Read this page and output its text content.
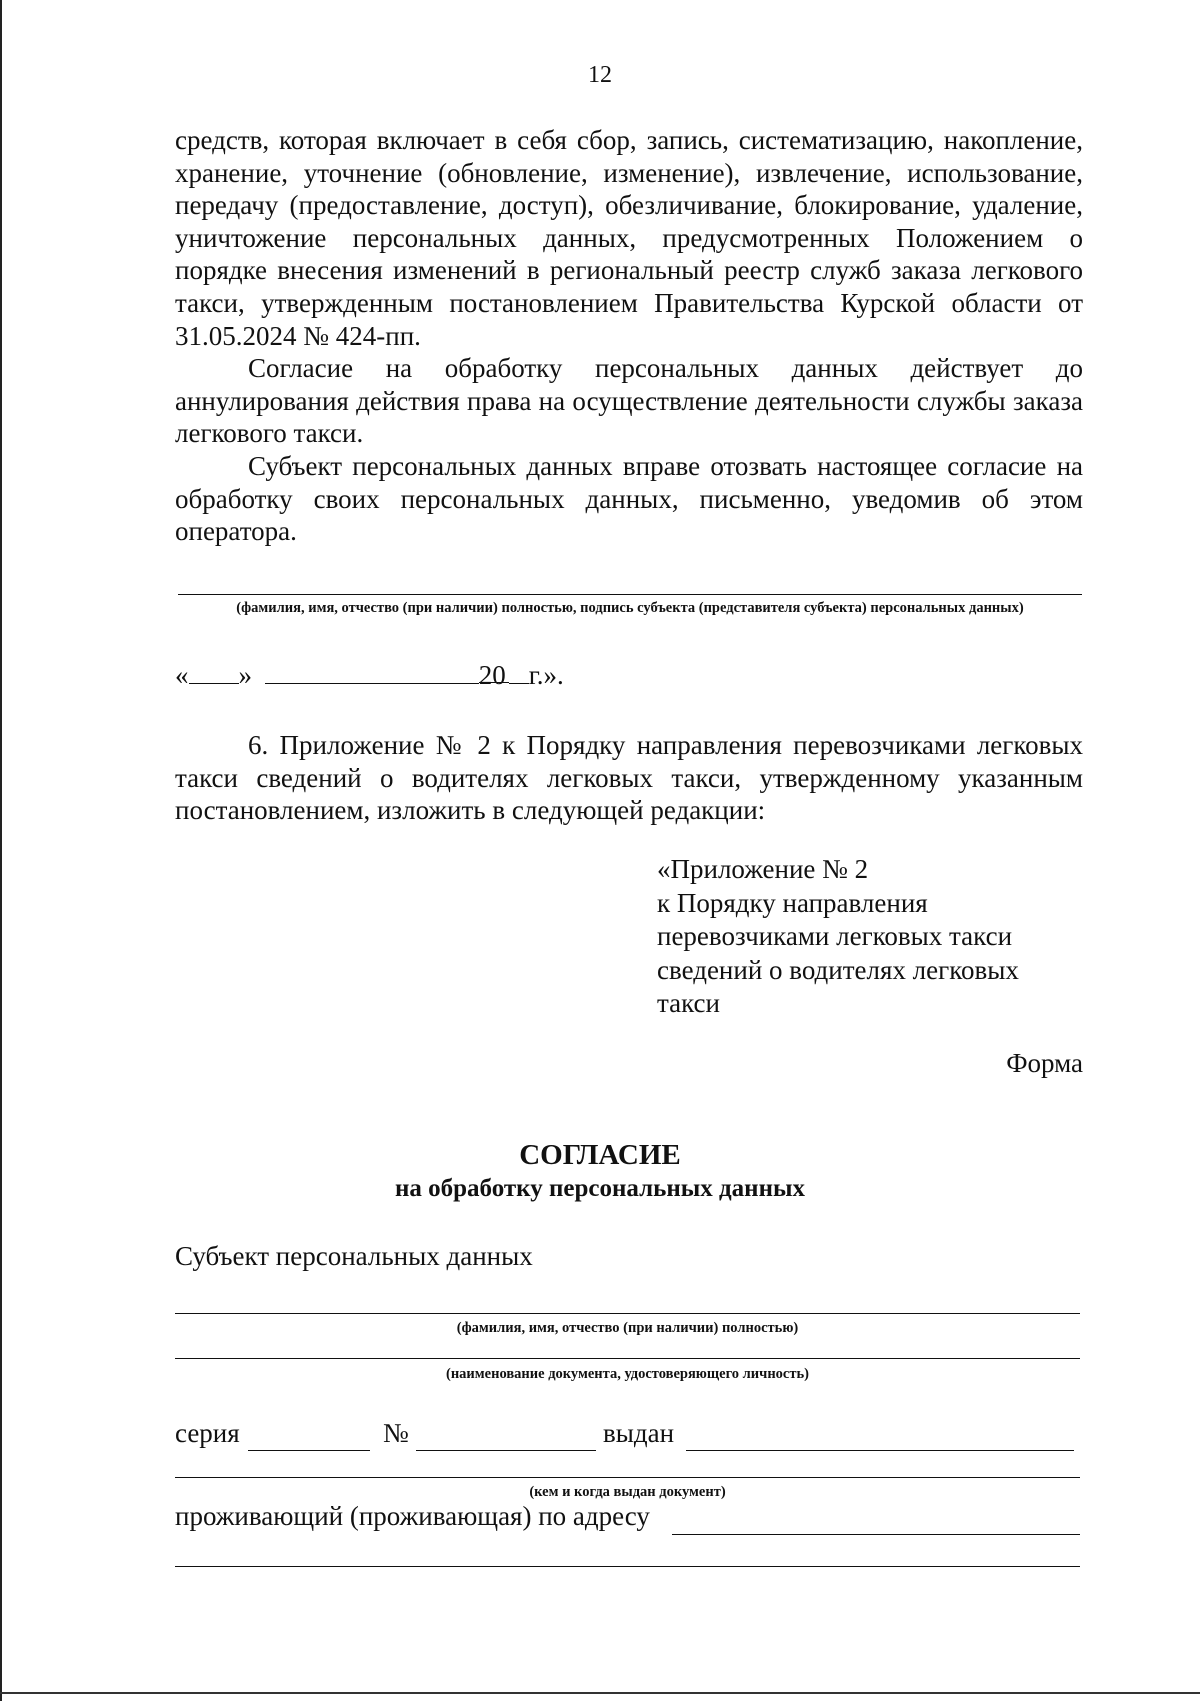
12

средств, которая включает в себя сбор, запись, систематизацию, накопление, хранение, уточнение (обновление, изменение), извлечение, использование, передачу (предоставление, доступ), обезличивание, блокирование, удаление, уничтожение персональных данных, предусмотренных Положением о порядке внесения изменений в региональный реестр служб заказа легкового такси, утвержденным постановлением Правительства Курской области от 31.05.2024 № 424-пп.

Согласие на обработку персональных данных действует до аннулирования действия права на осуществление деятельности службы заказа легкового такси.

Субъект персональных данных вправе отозвать настоящее согласие на обработку своих персональных данных, письменно, уведомив об этом оператора.

(фамилия, имя, отчество (при наличии) полностью, подпись субъекта (представителя субъекта) персональных данных)
« »	20 г.».

6. Приложение № 2 к Порядку направления перевозчиками легковых такси сведений о водителях легковых такси, утвержденному указанным постановлением, изложить в следующей редакции:

«Приложение № 2
к Порядку направления
перевозчиками легковых такси
сведений о водителях легковых
такси
Форма
СОГЛАСИЕ
на обработку персональных данных
Субъект персональных данных
(фамилия, имя, отчество (при наличии) полностью)
(наименование документа, удостоверяющего личность)
серия	№	выдан
(кем и когда выдан документ)
проживающий (проживающая) по адресу
